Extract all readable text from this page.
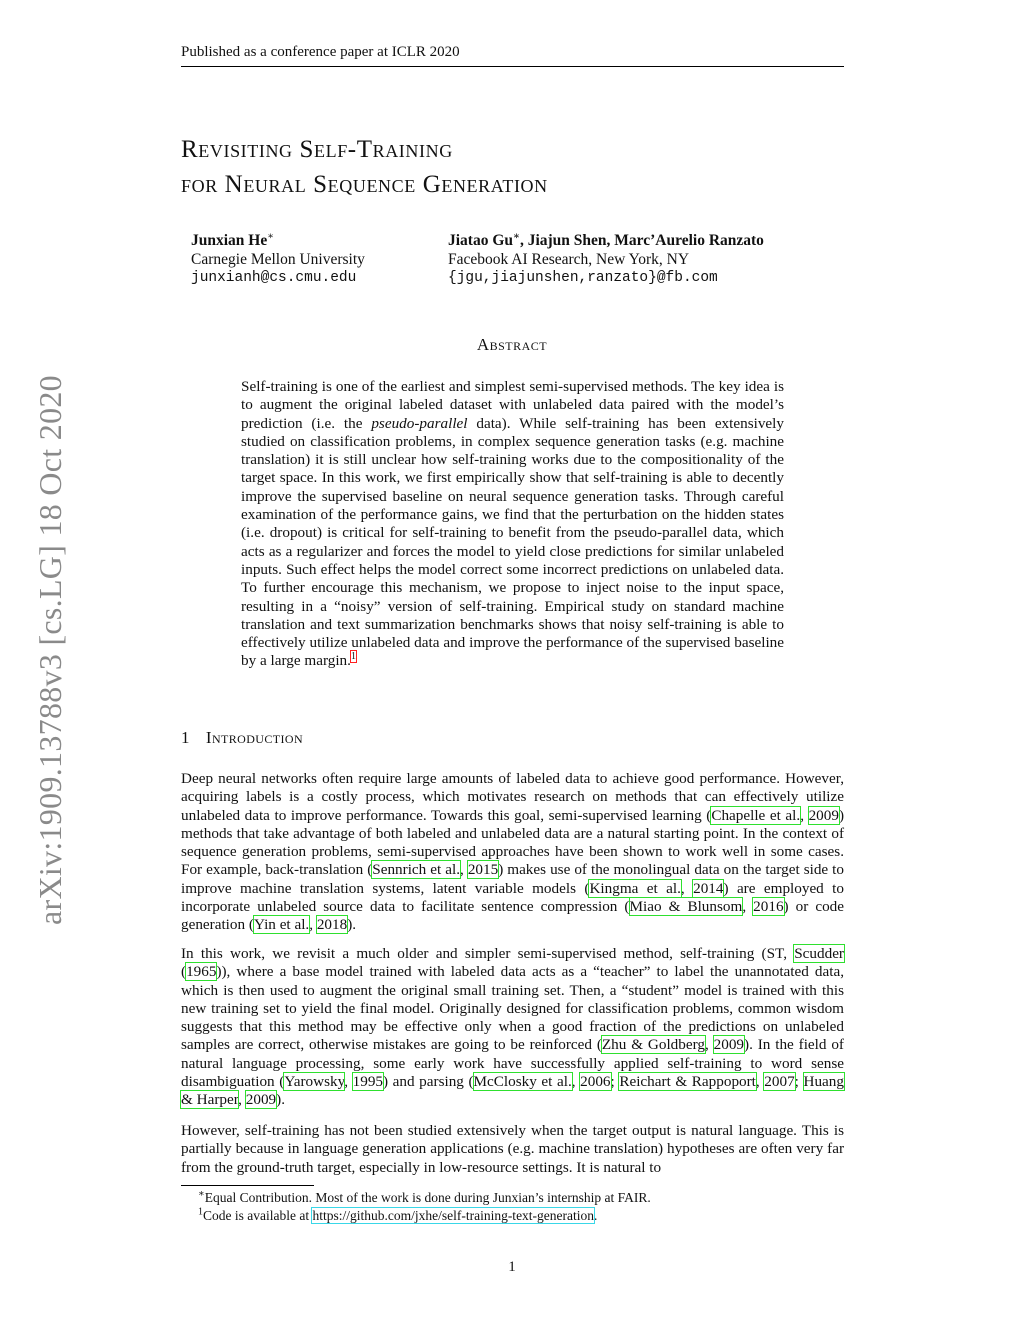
Published as a conference paper at ICLR 2020
arXiv:1909.13788v3 [cs.LG] 18 Oct 2020
Revisiting Self-Training
for Neural Sequence Generation
Junxian He∗
Carnegie Mellon University
junxianh@cs.cmu.edu
Jiatao Gu∗, Jiajun Shen, Marc’Aurelio Ranzato
Facebook AI Research, New York, NY
{jgu,jiajunshen,ranzato}@fb.com
Abstract
Self-training is one of the earliest and simplest semi-supervised methods. The key idea is to augment the original labeled dataset with unlabeled data paired with the model’s prediction (i.e. the pseudo-parallel data). While self-training has been extensively studied on classification problems, in complex sequence generation tasks (e.g. machine translation) it is still unclear how self-training works due to the compositionality of the target space. In this work, we first empirically show that self-training is able to decently improve the supervised baseline on neural sequence generation tasks. Through careful examination of the performance gains, we find that the perturbation on the hidden states (i.e. dropout) is critical for self-training to benefit from the pseudo-parallel data, which acts as a regularizer and forces the model to yield close predictions for similar unlabeled inputs. Such effect helps the model correct some incorrect predictions on unlabeled data. To further encourage this mechanism, we propose to inject noise to the input space, resulting in a “noisy” version of self-training. Empirical study on standard machine translation and text summarization benchmarks shows that noisy self-training is able to effectively utilize unlabeled data and improve the performance of the supervised baseline by a large margin.$^1$
1 Introduction
Deep neural networks often require large amounts of labeled data to achieve good performance. However, acquiring labels is a costly process, which motivates research on methods that can effectively utilize unlabeled data to improve performance. Towards this goal, semi-supervised learning (Chapelle et al., 2009) methods that take advantage of both labeled and unlabeled data are a natural starting point. In the context of sequence generation problems, semi-supervised approaches have been shown to work well in some cases. For example, back-translation (Sennrich et al., 2015) makes use of the monolingual data on the target side to improve machine translation systems, latent variable models (Kingma et al., 2014) are employed to incorporate unlabeled source data to facilitate sentence compression (Miao & Blunsom, 2016) or code generation (Yin et al., 2018).
In this work, we revisit a much older and simpler semi-supervised method, self-training (ST, Scudder (1965)), where a base model trained with labeled data acts as a “teacher” to label the unannotated data, which is then used to augment the original small training set. Then, a “student” model is trained with this new training set to yield the final model. Originally designed for classification problems, common wisdom suggests that this method may be effective only when a good fraction of the predictions on unlabeled samples are correct, otherwise mistakes are going to be reinforced (Zhu & Goldberg, 2009). In the field of natural language processing, some early work have successfully applied self-training to word sense disambiguation (Yarowsky, 1995) and parsing (McClosky et al., 2006; Reichart & Rappoport, 2007; Huang & Harper, 2009).
However, self-training has not been studied extensively when the target output is natural language. This is partially because in language generation applications (e.g. machine translation) hypotheses are often very far from the ground-truth target, especially in low-resource settings. It is natural to
∗Equal Contribution. Most of the work is done during Junxian’s internship at FAIR.
$^1$Code is available at https://github.com/jxhe/self-training-text-generation.
1
